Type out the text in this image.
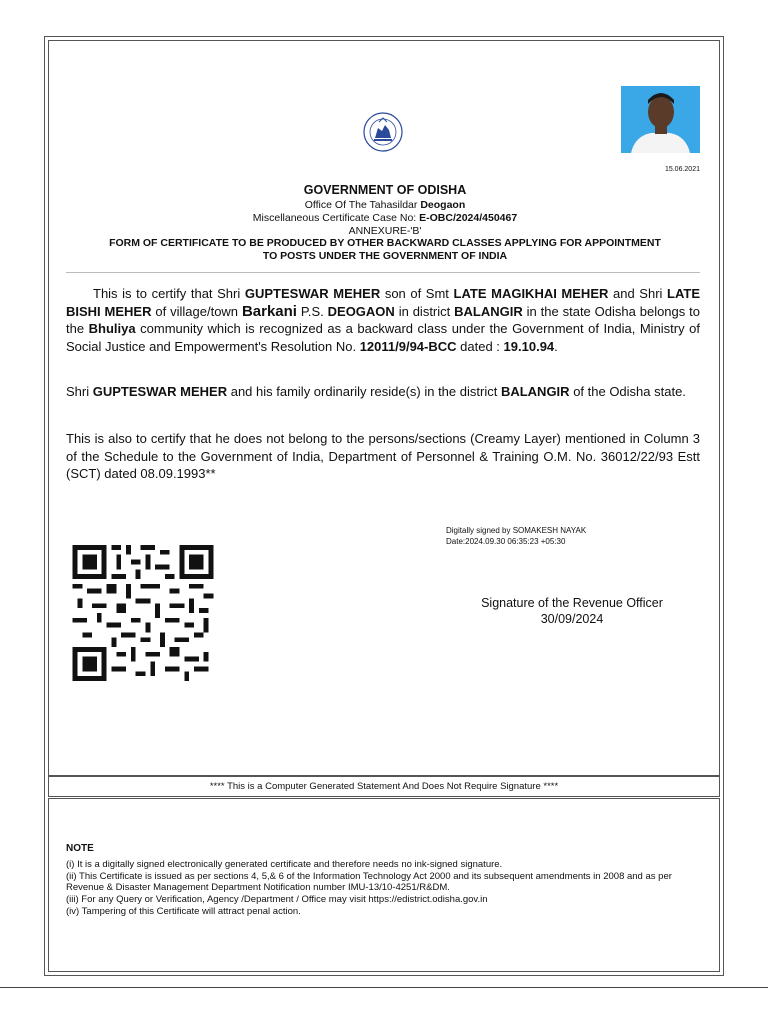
15.06.2021
GOVERNMENT OF ODISHA
Office Of The Tahasildar Deogaon
Miscellaneous Certificate Case No: E-OBC/2024/450467
ANNEXURE-'B'
FORM OF CERTIFICATE TO BE PRODUCED BY OTHER BACKWARD CLASSES APPLYING FOR APPOINTMENT
TO POSTS UNDER THE GOVERNMENT OF INDIA
This is to certify that Shri GUPTESWAR MEHER son of Smt LATE MAGIKHAI MEHER and Shri LATE BISHI MEHER of village/town Barkani P.S. DEOGAON in district BALANGIR in the state Odisha belongs to the Bhuliya community which is recognized as a backward class under the Government of India, Ministry of Social Justice and Empowerment's Resolution No. 12011/9/94-BCC dated : 19.10.94.
Shri GUPTESWAR MEHER and his family ordinarily reside(s) in the district BALANGIR of the Odisha state.
This is also to certify that he does not belong to the persons/sections (Creamy Layer) mentioned in Column 3 of the Schedule to the Government of India, Department of Personnel & Training O.M. No. 36012/22/93 Estt (SCT) dated 08.09.1993**
Digitally signed by SOMAKESH NAYAK
Date:2024.09.30 06:35:23 +05:30
Signature of the Revenue Officer
30/09/2024
**** This is a Computer Generated Statement And Does Not Require Signature ****
NOTE
(i) It is a digitally signed electronically generated certificate and therefore needs no ink-signed signature.
(ii) This Certificate is issued as per sections 4, 5,& 6 of the Information Technology Act 2000 and its subsequent amendments in 2008 and as per Revenue & Disaster Management Department Notification number IMU-13/10-4251/R&DM.
(iii) For any Query or Verification, Agency /Department / Office may visit https://edistrict.odisha.gov.in
(iv) Tampering of this Certificate will attract penal action.
